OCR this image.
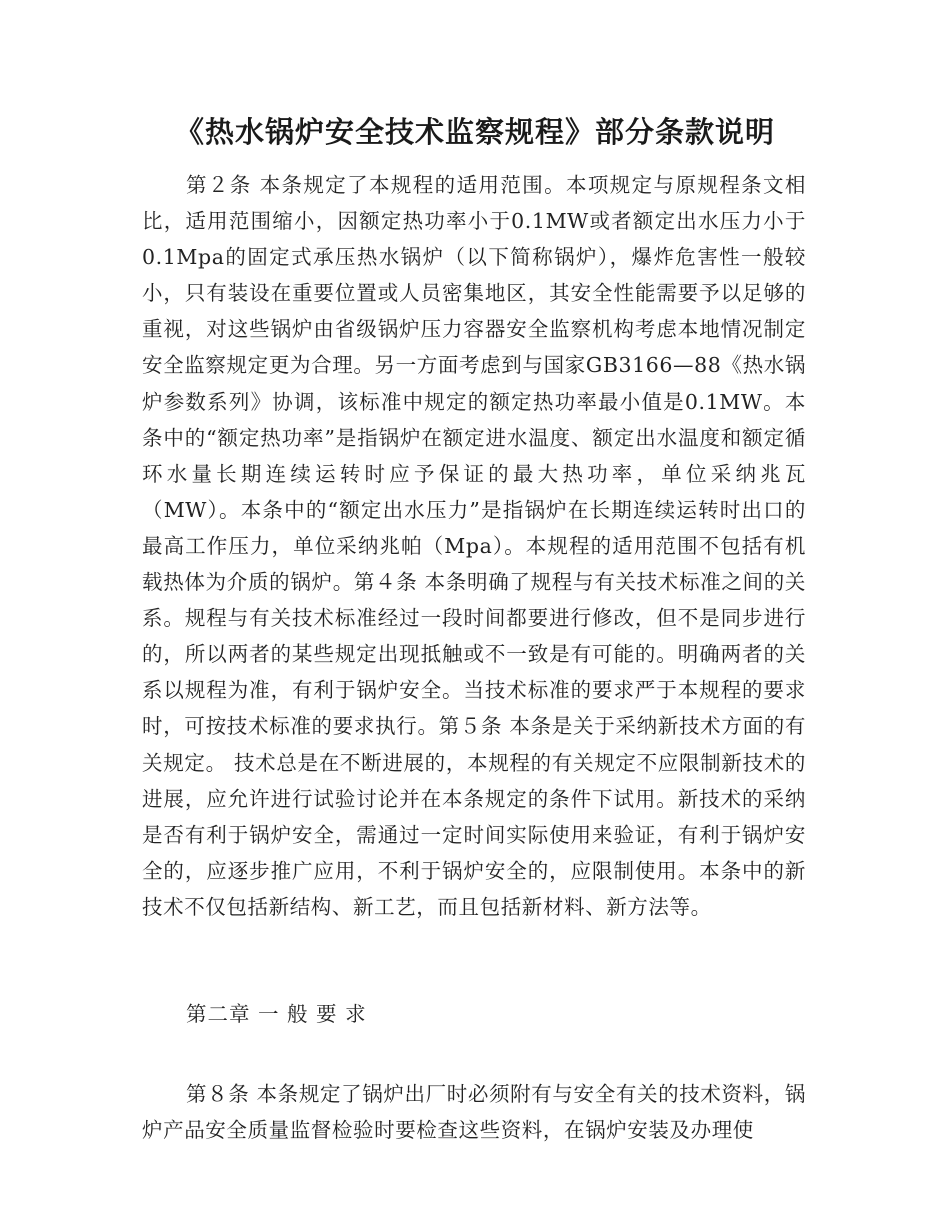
《热水锅炉安全技术监察规程》部分条款说明

第２条 本条规定了本规程的适用范围。本项规定与原规程条文相比，适用范围缩小，因额定热功率小于0.1MW或者额定出水压力小于0.1Mpa的固定式承压热水锅炉（以下简称锅炉），爆炸危害性一般较小，只有装设在重要位置或人员密集地区，其安全性能需要予以足够的重视，对这些锅炉由省级锅炉压力容器安全监察机构考虑本地情况制定安全监察规定更为合理。另一方面考虑到与国家GB3166—88《热水锅炉参数系列》协调，该标准中规定的额定热功率最小值是0.1MW。本条中的“额定热功率”是指锅炉在额定进水温度、额定出水温度和额定循环水量长期连续运转时应予保证的最大热功率，单位采纳兆瓦（MW）。本条中的“额定出水压力”是指锅炉在长期连续运转时出口的最高工作压力，单位采纳兆帕（Mpa）。本规程的适用范围不包括有机载热体为介质的锅炉。第４条 本条明确了规程与有关技术标准之间的关系。规程与有关技术标准经过一段时间都要进行修改，但不是同步进行的，所以两者的某些规定出现抵触或不一致是有可能的。明确两者的关系以规程为准，有利于锅炉安全。当技术标准的要求严于本规程的要求时，可按技术标准的要求执行。第５条 本条是关于采纳新技术方面的有关规定。 技术总是在不断进展的，本规程的有关规定不应限制新技术的进展，应允许进行试验讨论并在本条规定的条件下试用。新技术的采纳是否有利于锅炉安全，需通过一定时间实际使用来验证，有利于锅炉安全的，应逐步推广应用，不利于锅炉安全的，应限制使用。本条中的新技术不仅包括新结构、新工艺，而且包括新材料、新方法等。

第二章 一 般 要 求

第８条 本条规定了锅炉出厂时必须附有与安全有关的技术资料，锅炉产品安全质量监督检验时要检查这些资料，在锅炉安装及办理使
